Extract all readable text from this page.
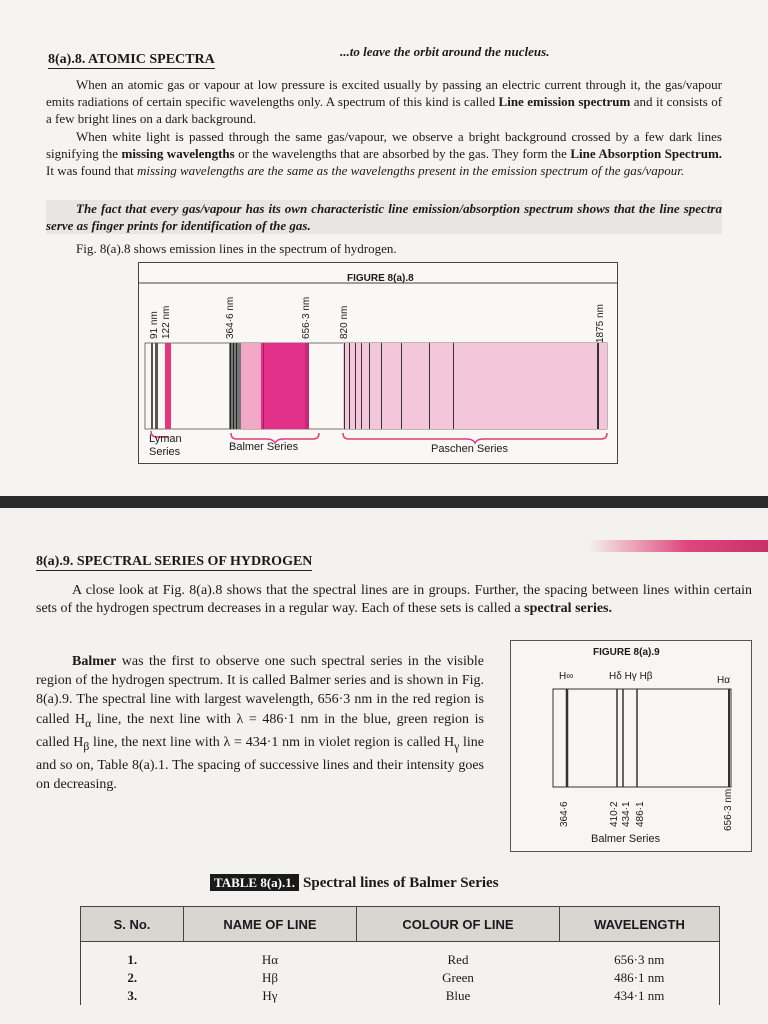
...to leave the orbit around the nucleus.
8(a).8. ATOMIC SPECTRA
When an atomic gas or vapour at low pressure is excited usually by passing an electric current through it, the gas/vapour emits radiations of certain specific wavelengths only. A spectrum of this kind is called Line emission spectrum and it consists of a few bright lines on a dark background.
When white light is passed through the same gas/vapour, we observe a bright background crossed by a few dark lines signifying the missing wavelengths or the wavelengths that are absorbed by the gas. They form the Line Absorption Spectrum. It was found that missing wavelengths are the same as the wavelengths present in the emission spectrum of the gas/vapour.
The fact that every gas/vapour has its own characteristic line emission/absorption spectrum shows that the line spectra serve as finger prints for identification of the gas.
Fig. 8(a).8 shows emission lines in the spectrum of hydrogen.
FIGURE 8(a).8
91 nm 122 nm	364·6 nm	656·3 nm	820 nm	1875 nm
Lyman Series	Balmer Series	Paschen Series
8(a).9. SPECTRAL SERIES OF HYDROGEN
A close look at Fig. 8(a).8 shows that the spectral lines are in groups. Further, the spacing between lines within certain sets of the hydrogen spectrum decreases in a regular way. Each of these sets is called a spectral series.
Balmer was the first to observe one such spectral series in the visible region of the hydrogen spectrum. It is called Balmer series and is shown in Fig. 8(a).9. The spectral line with largest wavelength, 656·3 nm in the red region is called $H_\alpha$ line, the next line with λ = 486·1 nm in the blue, green region is called $H_\beta$ line, the next line with λ = 434·1 nm in violet region is called $H_\gamma$ line and so on, Table 8(a).1. The spacing of successive lines and their intensity goes on decreasing.
FIGURE 8(a).9
H∞	Hδ Hγ Hβ	Hα
364·6	410·2 434·1 486·1	656·3 nm
Balmer Series
TABLE 8(a).1. Spectral lines of Balmer Series
S. No.	NAME OF LINE	COLOUR OF LINE	WAVELENGTH
1.	Hα	Red	656·3 nm
2.	Hβ	Green	486·1 nm
3.	Hγ	Blue	434·1 nm
